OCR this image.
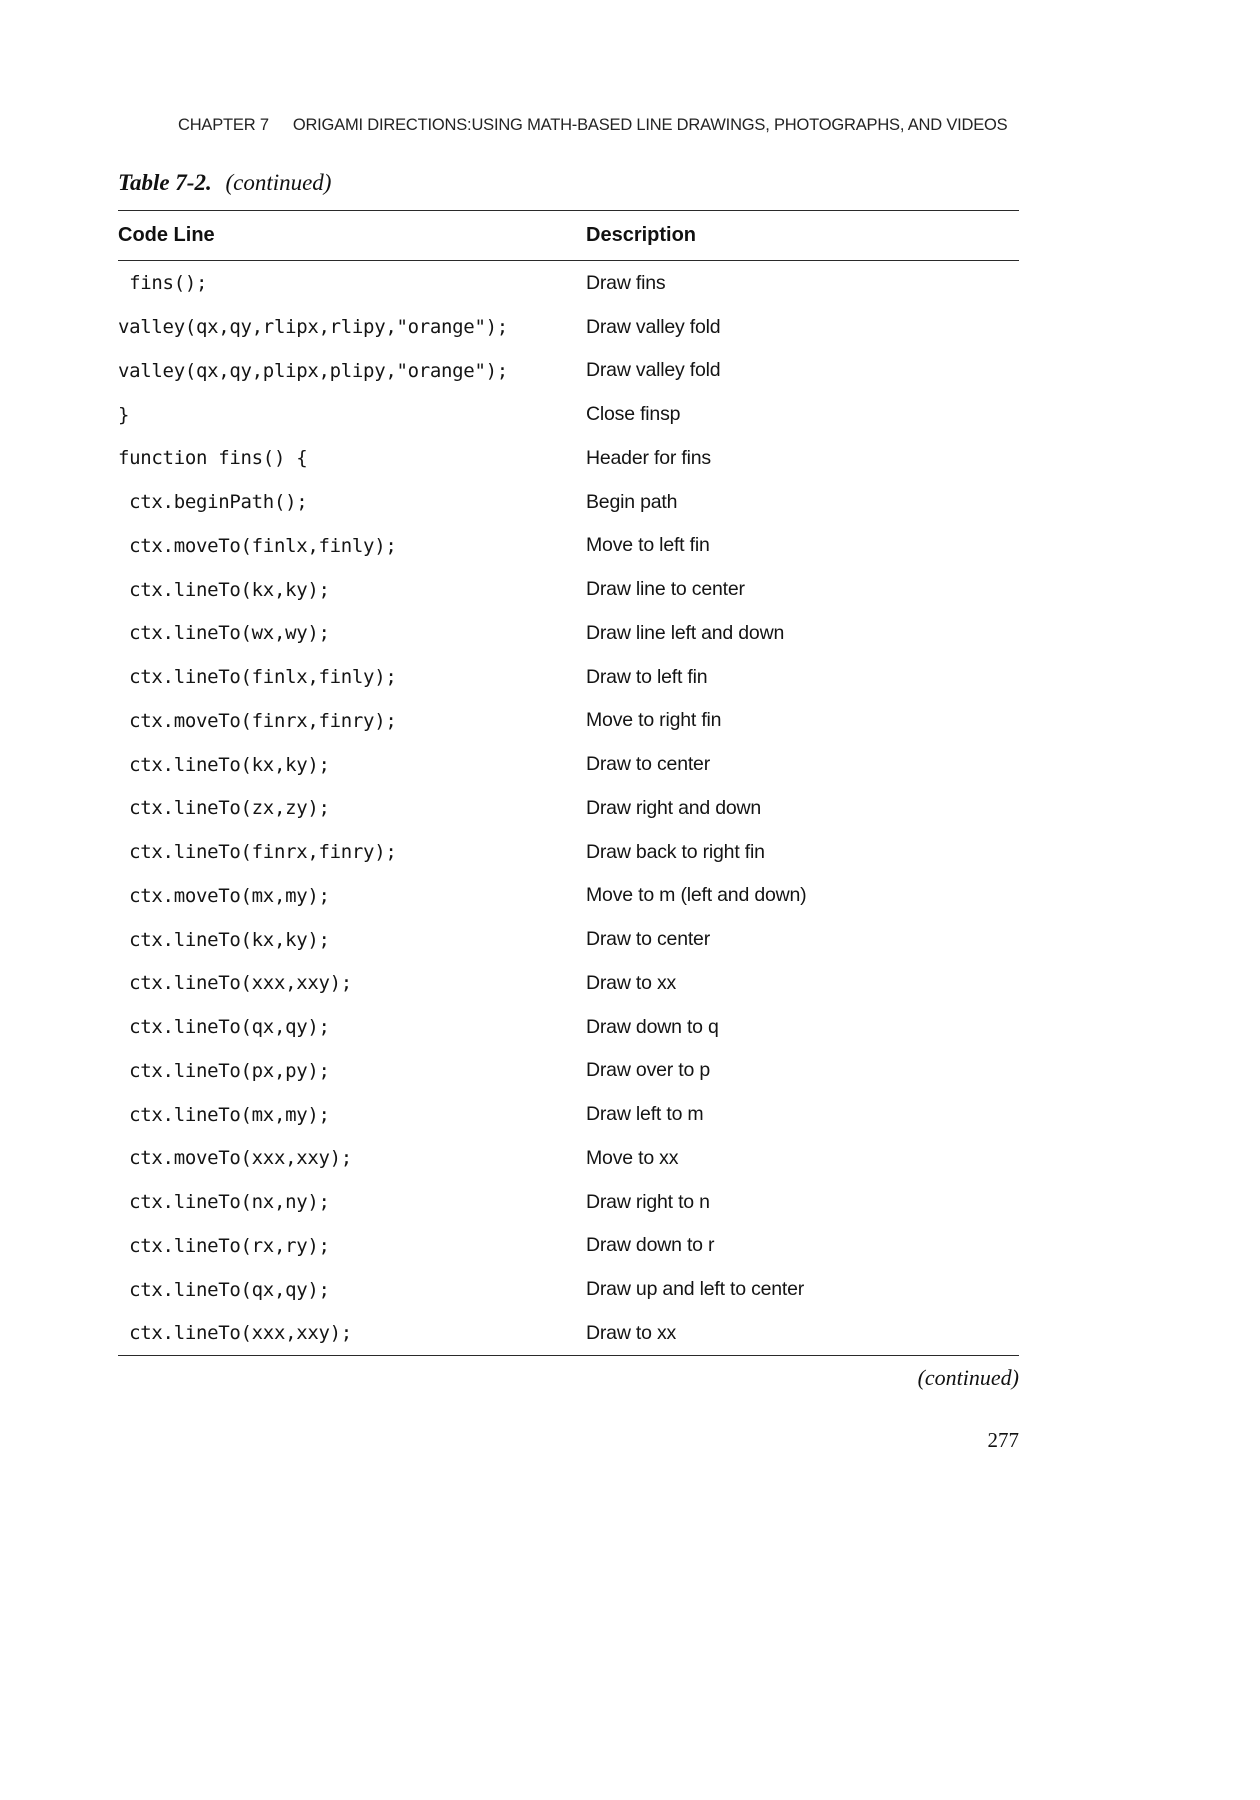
CHAPTER 7 ORIGAMI DIRECTIONS:USING MATH-BASED LINE DRAWINGS, PHOTOGRAPHS, AND VIDEOS
Table 7-2. (continued)
Code Line	Description
fins();	Draw fins
valley(qx,qy,rlipx,rlipy,"orange");	Draw valley fold
valley(qx,qy,plipx,plipy,"orange");	Draw valley fold
}	Close finsp
function fins() {	Header for fins
ctx.beginPath();	Begin path
ctx.moveTo(finlx,finly);	Move to left fin
ctx.lineTo(kx,ky);	Draw line to center
ctx.lineTo(wx,wy);	Draw line left and down
ctx.lineTo(finlx,finly);	Draw to left fin
ctx.moveTo(finrx,finry);	Move to right fin
ctx.lineTo(kx,ky);	Draw to center
ctx.lineTo(zx,zy);	Draw right and down
ctx.lineTo(finrx,finry);	Draw back to right fin
ctx.moveTo(mx,my);	Move to m (left and down)
ctx.lineTo(kx,ky);	Draw to center
ctx.lineTo(xxx,xxy);	Draw to xx
ctx.lineTo(qx,qy);	Draw down to q
ctx.lineTo(px,py);	Draw over to p
ctx.lineTo(mx,my);	Draw left to m
ctx.moveTo(xxx,xxy);	Move to xx
ctx.lineTo(nx,ny);	Draw right to n
ctx.lineTo(rx,ry);	Draw down to r
ctx.lineTo(qx,qy);	Draw up and left to center
ctx.lineTo(xxx,xxy);	Draw to xx
(continued)
277
